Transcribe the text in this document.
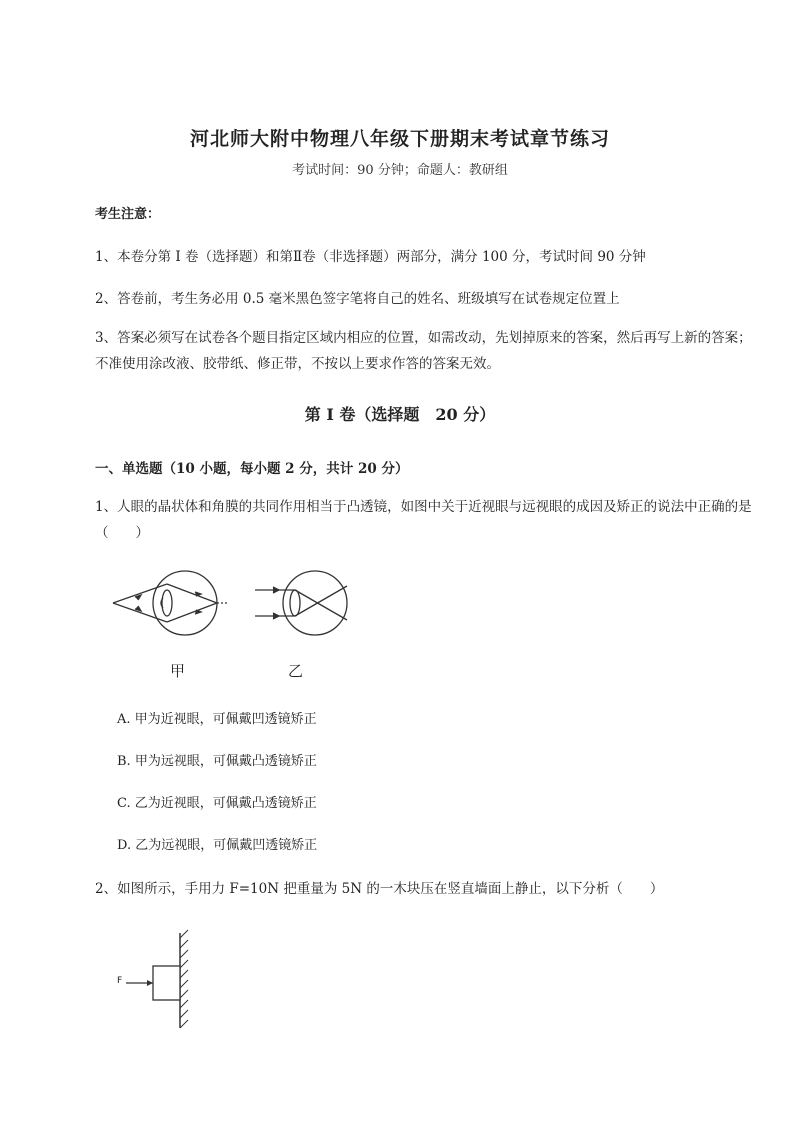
河北师大附中物理八年级下册期末考试章节练习
考试时间：90 分钟；命题人：教研组
考生注意：
1、本卷分第 I 卷（选择题）和第Ⅱ卷（非选择题）两部分，满分 100 分，考试时间 90 分钟
2、答卷前，考生务必用 0.5 毫米黑色签字笔将自己的姓名、班级填写在试卷规定位置上
3、答案必须写在试卷各个题目指定区域内相应的位置，如需改动，先划掉原来的答案，然后再写上新的答案；不准使用涂改液、胶带纸、修正带，不按以上要求作答的答案无效。
第 I 卷（选择题　20 分）
一、单选题（10 小题，每小题 2 分，共计 20 分）
1、人眼的晶状体和角膜的共同作用相当于凸透镜，如图中关于近视眼与远视眼的成因及矫正的说法中正确的是（　　）
甲	乙
A. 甲为近视眼，可佩戴凹透镜矫正
B. 甲为远视眼，可佩戴凸透镜矫正
C. 乙为近视眼，可佩戴凸透镜矫正
D. 乙为远视眼，可佩戴凹透镜矫正
2、如图所示，手用力 F=10N 把重量为 5N 的一木块压在竖直墙面上静止，以下分析（　　）
F
